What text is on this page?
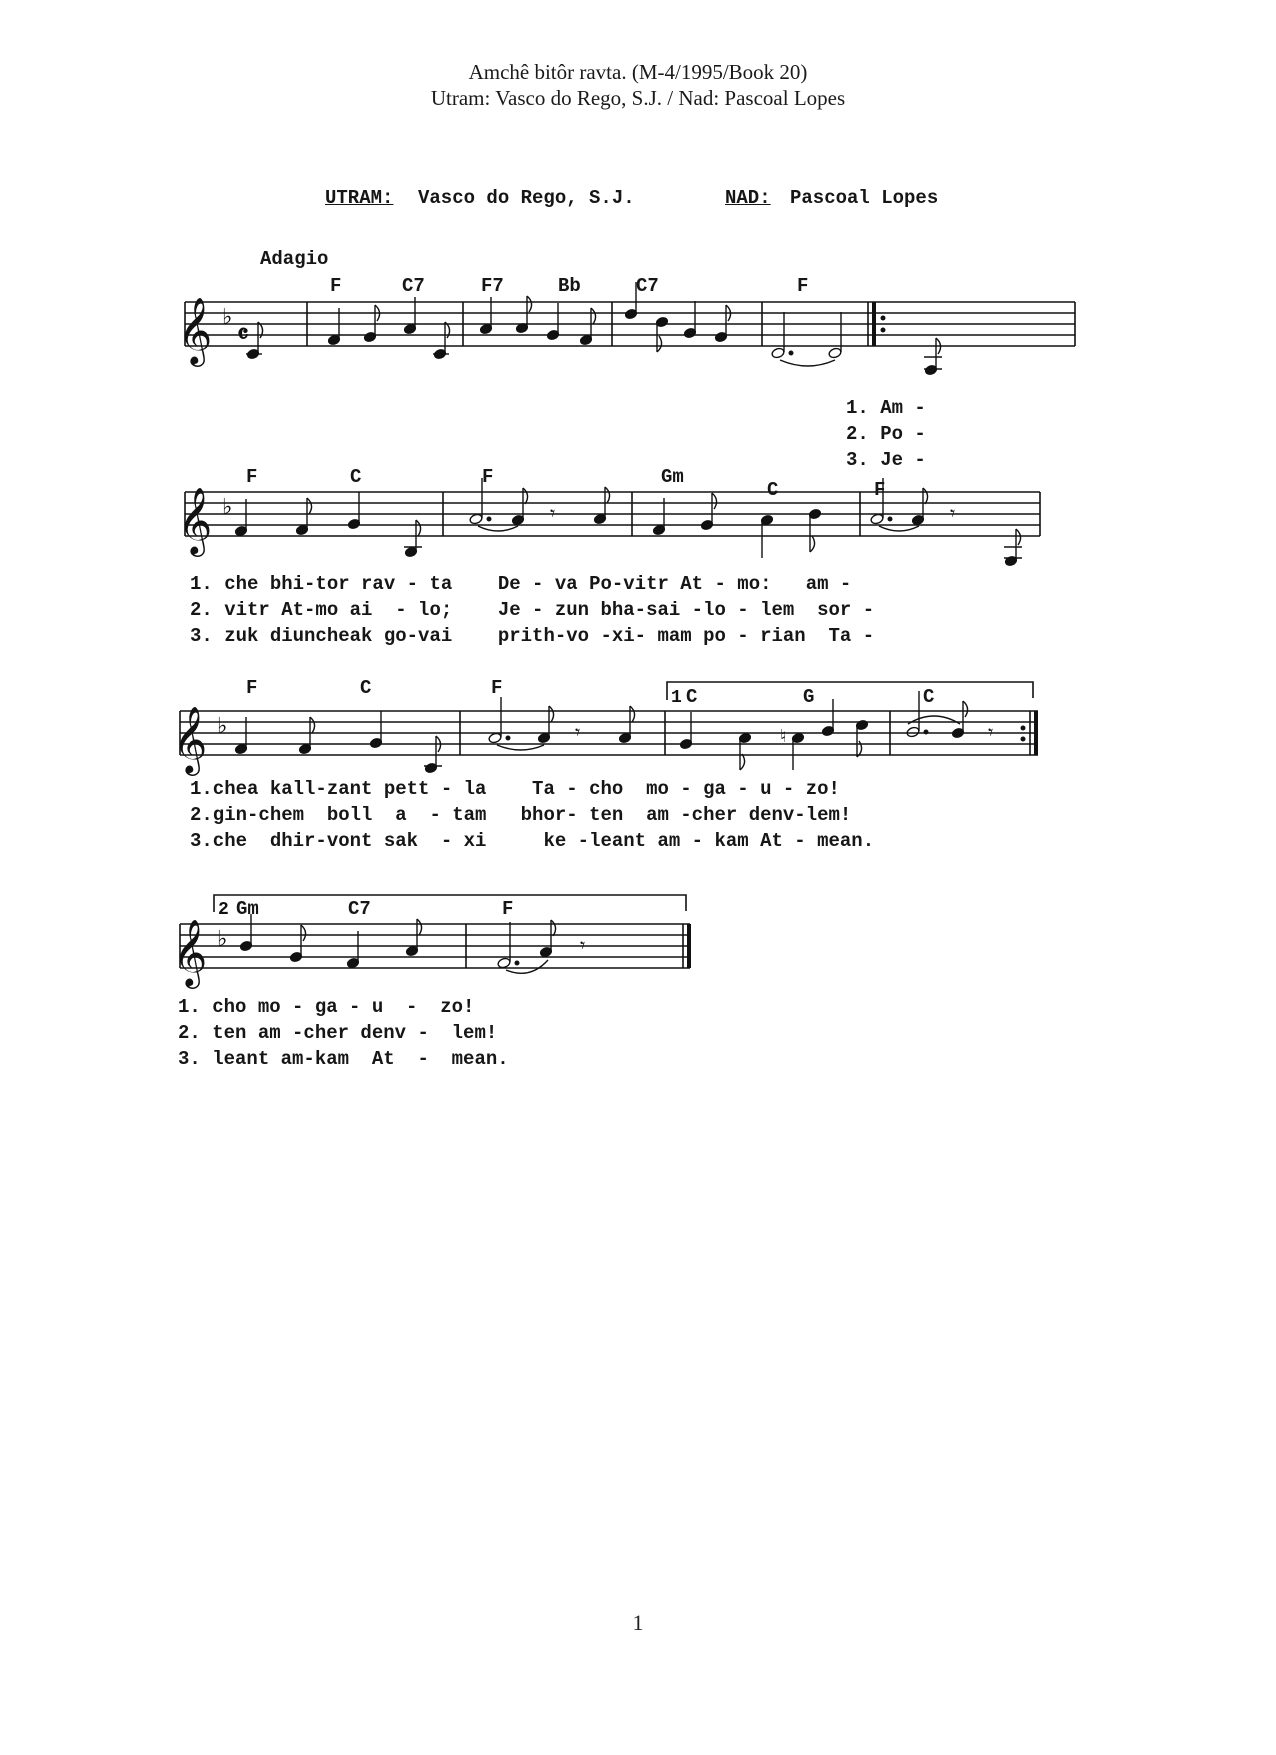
Amchê bitôr ravta. (M-4/1995/Book 20)
Utram: Vasco do Rego, S.J. / Nad: Pascoal Lopes
UTRAM: Vasco do Rego, S.J.	NAD: Pascoal Lopes
Adagio
𝄞 ♭
𝄴
𝄞 ♭	𝄾	𝄾
1
𝄞 ♭	𝄾	♮	𝄾
2
𝄞 ♭	𝄾
F	C7	F7	Bb	C7	F
F	C	F	Gm
C	F
F	C	F	C	G	C
Gm	C7	F
1. Am -
2. Po -
3. Je -
1. che bhi-tor rav - ta    De - va Po-vitr At - mo:   am -
2. vitr At-mo ai  - lo;    Je - zun bha-sai -lo - lem  sor -
3. zuk diuncheak go-vai    prith-vo -xi- mam po - rian  Ta -
1.chea kall-zant pett - la    Ta - cho  mo - ga - u - zo!
2.gin-chem  boll  a  - tam   bhor- ten  am -cher denv-lem!
3.che  dhir-vont sak  - xi     ke -leant am - kam At - mean.
1. cho mo - ga - u  -  zo!
2. ten am -cher denv -  lem!
3. leant am-kam  At  -  mean.
1
